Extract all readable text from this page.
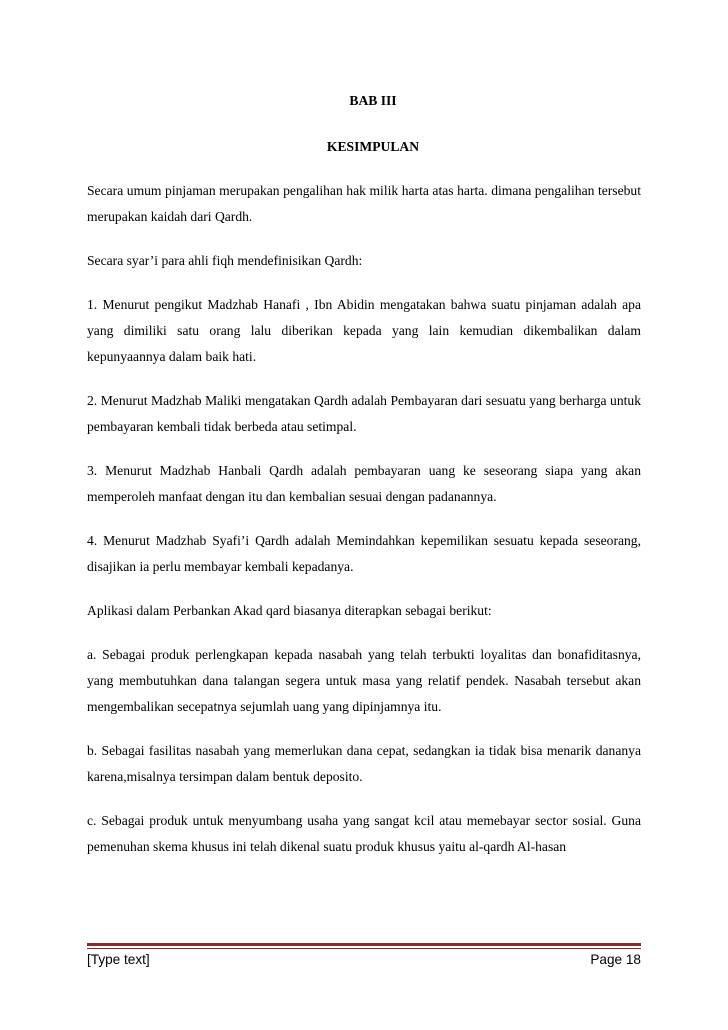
BAB III

KESIMPULAN

Secara umum pinjaman merupakan pengalihan hak milik harta atas harta. dimana pengalihan tersebut merupakan kaidah dari Qardh.

Secara syar’i para ahli fiqh mendefinisikan Qardh:

1. Menurut pengikut Madzhab Hanafi , Ibn Abidin mengatakan bahwa suatu pinjaman adalah apa yang dimiliki satu orang lalu diberikan kepada yang lain kemudian dikembalikan dalam kepunyaannya dalam baik hati.

2. Menurut Madzhab Maliki mengatakan Qardh adalah Pembayaran dari sesuatu yang berharga untuk pembayaran kembali tidak berbeda atau setimpal.

3. Menurut Madzhab Hanbali Qardh adalah pembayaran uang ke seseorang siapa yang akan memperoleh manfaat dengan itu dan kembalian sesuai dengan padanannya.

4. Menurut Madzhab Syafi’i Qardh adalah Memindahkan kepemilikan sesuatu kepada seseorang, disajikan ia perlu membayar kembali kepadanya.

Aplikasi dalam Perbankan Akad qard biasanya diterapkan sebagai berikut:

a. Sebagai produk perlengkapan kepada nasabah yang telah terbukti loyalitas dan bonafiditasnya, yang membutuhkan dana talangan segera untuk masa yang relatif pendek. Nasabah tersebut akan mengembalikan secepatnya sejumlah uang yang dipinjamnya itu.

b. Sebagai fasilitas nasabah yang memerlukan dana cepat, sedangkan ia tidak bisa menarik dananya karena,misalnya tersimpan dalam bentuk deposito.

c. Sebagai produk untuk menyumbang usaha yang sangat kcil atau memebayar sector sosial. Guna pemenuhan skema khusus ini telah dikenal suatu produk khusus yaitu al-qardh Al-hasan

[Type text]	Page 18
